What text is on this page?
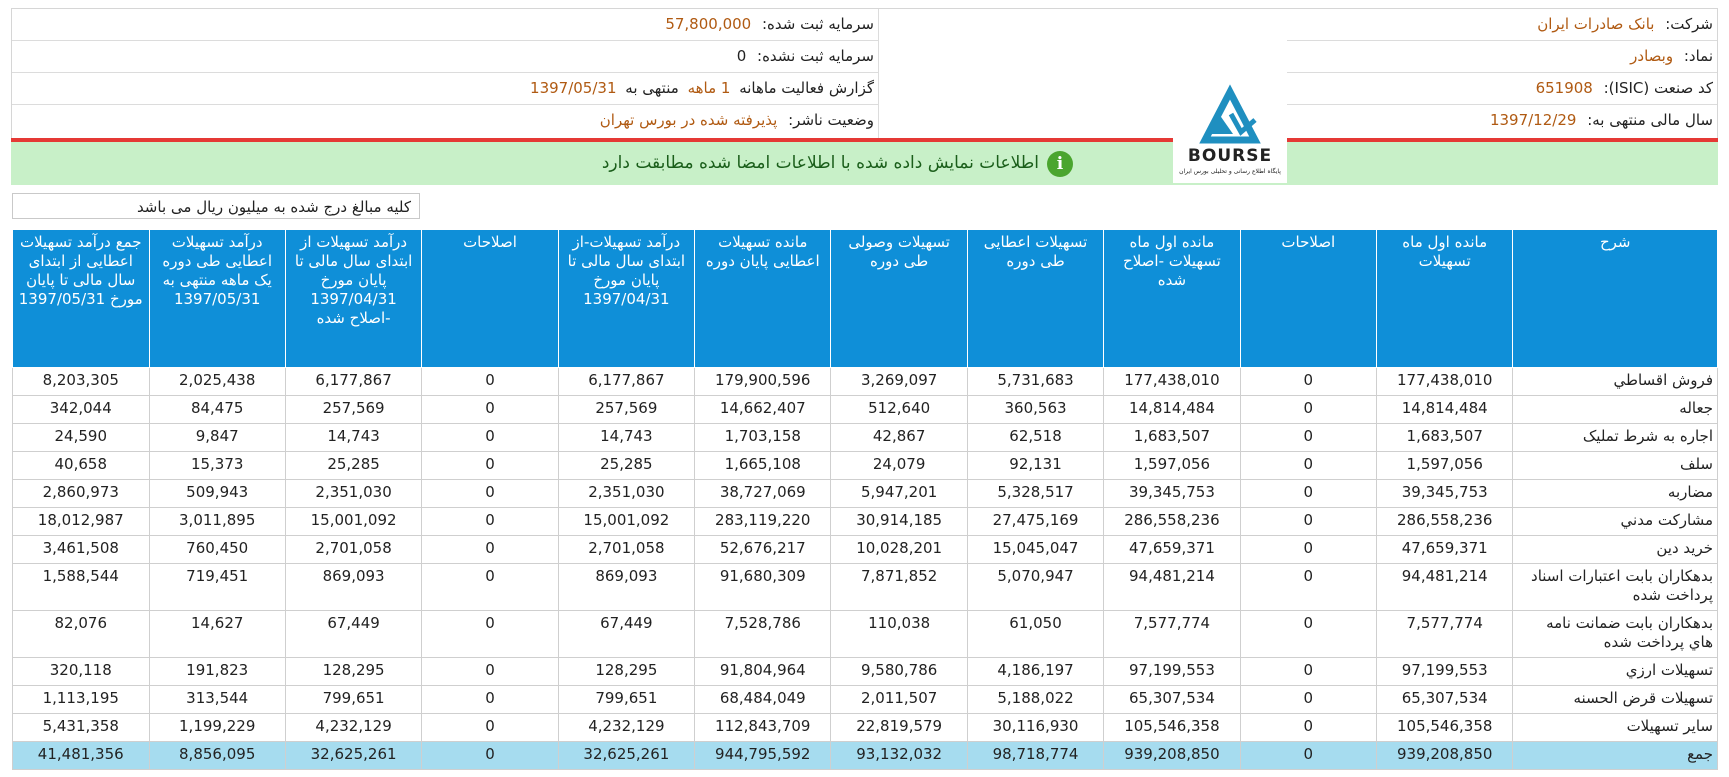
شرکت: بانک صادرات ایران
نماد: وبصادر
کد صنعت (ISIC): 651908
سال مالی منتهی به: 1397/12/29
سرمایه ثبت شده: 57,800,000
سرمایه ثبت نشده: 0
گزارش فعالیت ماهانه 1 ماهه منتهی به 1397/05/31
وضعیت ناشر: پذیرفته شده در بورس تهران
BOURSE
پایگاه اطلاع رسانی و تحلیلی بورس ایران
i
اطلاعات نمایش داده شده با اطلاعات امضا شده مطابقت دارد
کلیه مبالغ درج شده به میلیون ریال می باشد
شرح	مانده اول ماه تسهیلات	اصلاحات	مانده اول ماه تسهیلات -اصلاح شده	تسهیلات اعطایی طی دوره	تسهیلات وصولی طی دوره	مانده تسهیلات اعطایی پایان دوره	درآمد تسهیلات-از ابتدای سال مالی تا پایان مورخ 1397/04/31	اصلاحات	درآمد تسهیلات از ابتدای سال مالی تا پایان مورخ 1397/04/31 -اصلاح شده	درآمد تسهیلات اعطایی طی دوره یک ماهه منتهی به 1397/05/31	جمع درآمد تسهیلات اعطایی از ابتدای سال مالی تا پایان مورخ 1397/05/31
فروش اقساطي	177,438,010	0	177,438,010	5,731,683	3,269,097	179,900,596	6,177,867	0	6,177,867	2,025,438	8,203,305
جعاله	14,814,484	0	14,814,484	360,563	512,640	14,662,407	257,569	0	257,569	84,475	342,044
اجاره به شرط تمليک	1,683,507	0	1,683,507	62,518	42,867	1,703,158	14,743	0	14,743	9,847	24,590
سلف	1,597,056	0	1,597,056	92,131	24,079	1,665,108	25,285	0	25,285	15,373	40,658
مضاربه	39,345,753	0	39,345,753	5,328,517	5,947,201	38,727,069	2,351,030	0	2,351,030	509,943	2,860,973
مشارکت مدني	286,558,236	0	286,558,236	27,475,169	30,914,185	283,119,220	15,001,092	0	15,001,092	3,011,895	18,012,987
خريد دين	47,659,371	0	47,659,371	15,045,047	10,028,201	52,676,217	2,701,058	0	2,701,058	760,450	3,461,508
بدهکاران بابت اعتبارات اسناد پرداخت شده	94,481,214	0	94,481,214	5,070,947	7,871,852	91,680,309	869,093	0	869,093	719,451	1,588,544
بدهکاران بابت ضمانت نامه هاي پرداخت شده	7,577,774	0	7,577,774	61,050	110,038	7,528,786	67,449	0	67,449	14,627	82,076
تسهيلات ارزي	97,199,553	0	97,199,553	4,186,197	9,580,786	91,804,964	128,295	0	128,295	191,823	320,118
تسهيلات قرض الحسنه	65,307,534	0	65,307,534	5,188,022	2,011,507	68,484,049	799,651	0	799,651	313,544	1,113,195
ساير تسهيلات	105,546,358	0	105,546,358	30,116,930	22,819,579	112,843,709	4,232,129	0	4,232,129	1,199,229	5,431,358
جمع	939,208,850	0	939,208,850	98,718,774	93,132,032	944,795,592	32,625,261	0	32,625,261	8,856,095	41,481,356
